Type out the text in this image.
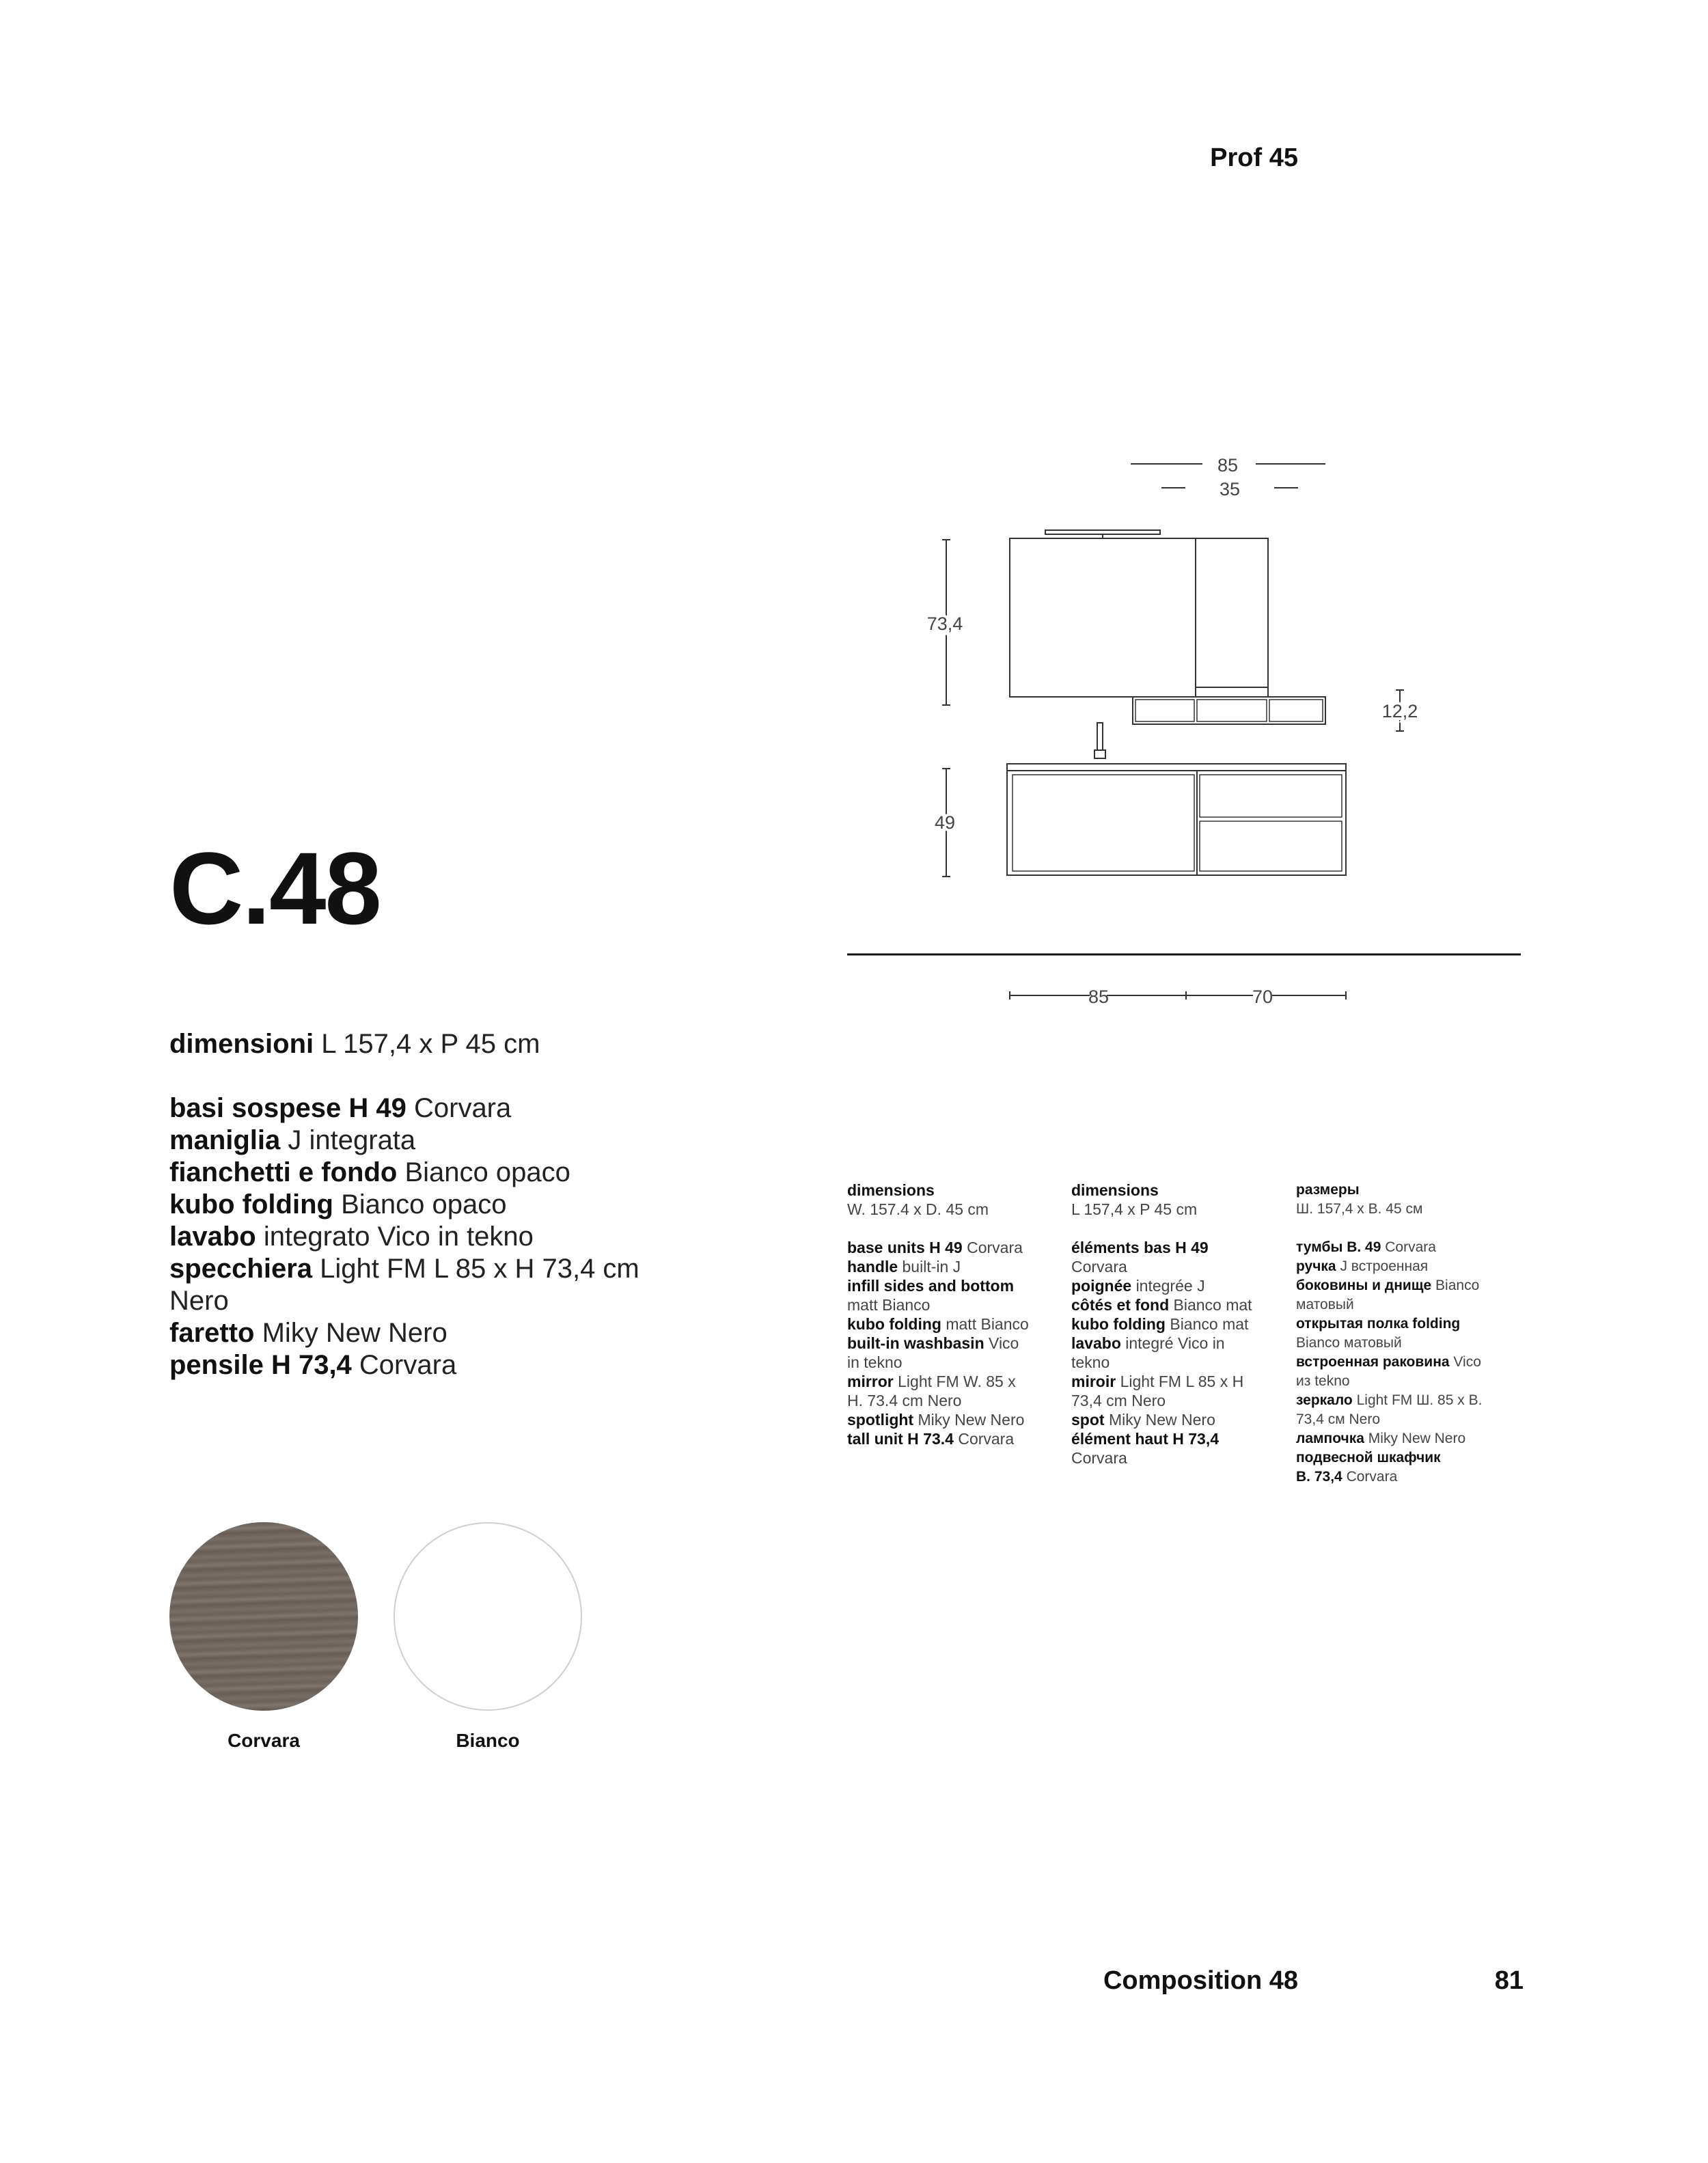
Prof 45
C.48
dimensioni L 157,4 x P 45 cm
basi sospese H 49 Corvara
maniglia J integrata
fianchetti e fondo Bianco opaco
kubo folding Bianco opaco
lavabo integrato Vico in tekno
specchiera Light FM L 85 x H 73,4 cm
Nero
faretto Miky New Nero
pensile H 73,4 Corvara
85
35
73,4
12,2
49
85	70
dimensions
W. 157.4 x D. 45 cm
base units H 49 Corvara
handle built-in J
infill sides and bottom
matt Bianco
kubo folding matt Bianco
built-in washbasin Vico
in tekno
mirror Light FM W. 85 x
H. 73.4 cm Nero
spotlight Miky New Nero
tall unit H 73.4 Corvara
dimensions
L 157,4 x P 45 cm
éléments bas H 49
Corvara
poignée integrée J
côtés et fond Bianco mat
kubo folding Bianco mat
lavabo integré Vico in
tekno
miroir Light FM L 85 x H
73,4 cm Nero
spot Miky New Nero
élément haut H 73,4
Corvara
размеры
Ш. 157,4 x В. 45 см
тумбы В. 49 Corvara
ручка J встроенная
боковины и днище Bianco
матовый
открытая полка folding
Bianco матовый
встроенная раковина Vico
из tekno
зеркало Light FM Ш. 85 x В.
73,4 см Nero
лампочка Miky New Nero
подвесной шкафчик
В. 73,4 Corvara
Corvara	Bianco
Composition 48	81
